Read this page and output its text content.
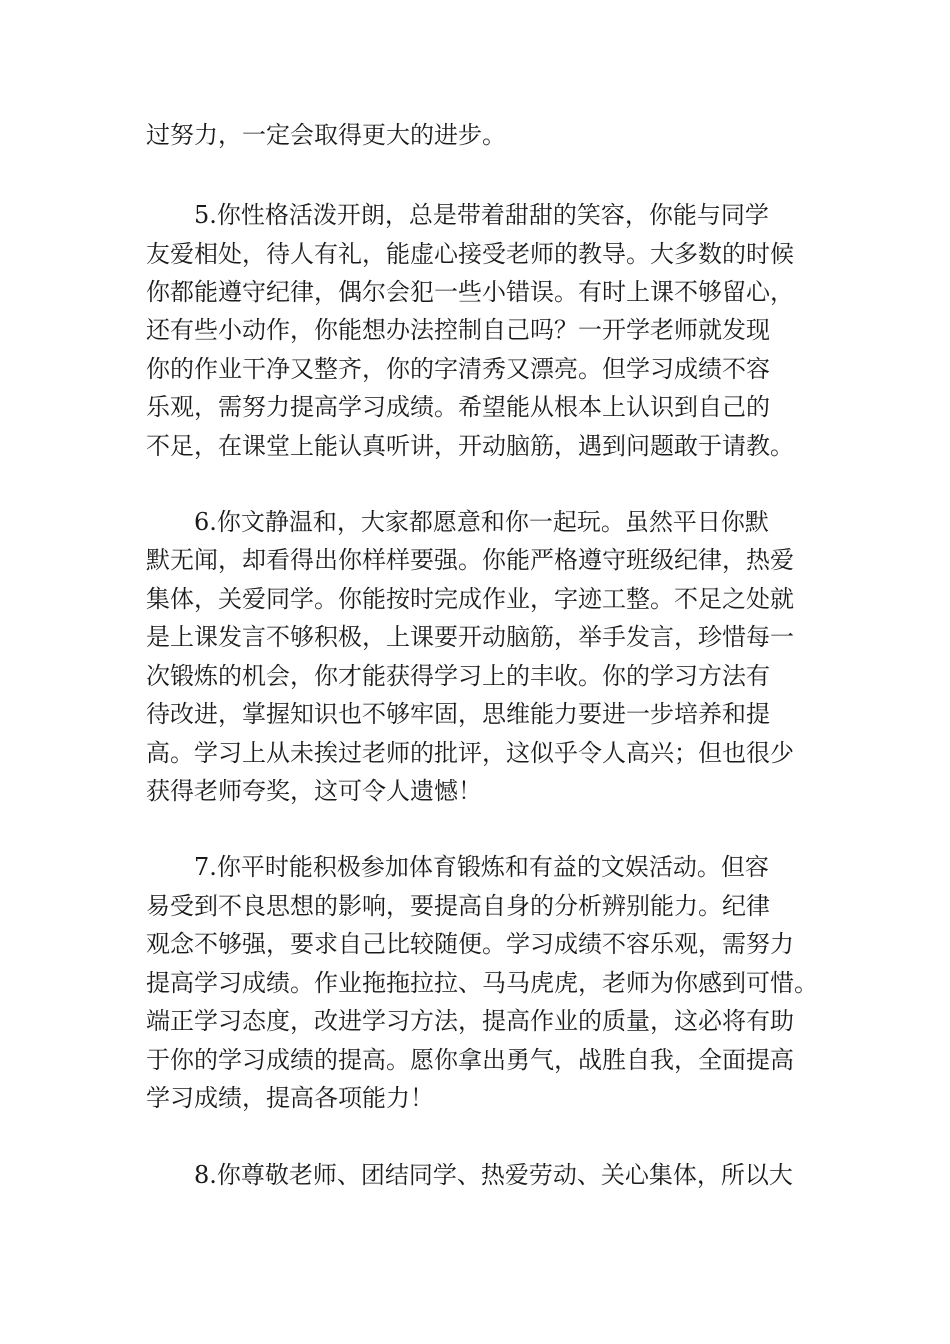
过努力，一定会取得更大的进步。
5.你性格活泼开朗，总是带着甜甜的笑容，你能与同学
友爱相处，待人有礼，能虚心接受老师的教导。大多数的时候
你都能遵守纪律，偶尔会犯一些小错误。有时上课不够留心，
还有些小动作，你能想办法控制自己吗？一开学老师就发现
你的作业干净又整齐，你的字清秀又漂亮。但学习成绩不容
乐观，需努力提高学习成绩。希望能从根本上认识到自己的
不足，在课堂上能认真听讲，开动脑筋，遇到问题敢于请教。
6.你文静温和，大家都愿意和你一起玩。虽然平日你默
默无闻，却看得出你样样要强。你能严格遵守班级纪律，热爱
集体，关爱同学。你能按时完成作业，字迹工整。不足之处就
是上课发言不够积极，上课要开动脑筋，举手发言，珍惜每一
次锻炼的机会，你才能获得学习上的丰收。你的学习方法有
待改进，掌握知识也不够牢固，思维能力要进一步培养和提
高。学习上从未挨过老师的批评，这似乎令人高兴；但也很少
获得老师夸奖，这可令人遗憾！
7.你平时能积极参加体育锻炼和有益的文娱活动。但容
易受到不良思想的影响，要提高自身的分析辨别能力。纪律
观念不够强，要求自己比较随便。学习成绩不容乐观，需努力
提高学习成绩。作业拖拖拉拉、马马虎虎，老师为你感到可惜。
端正学习态度，改进学习方法，提高作业的质量，这必将有助
于你的学习成绩的提高。愿你拿出勇气，战胜自我，全面提高
学习成绩，提高各项能力！
8.你尊敬老师、团结同学、热爱劳动、关心集体，所以大
